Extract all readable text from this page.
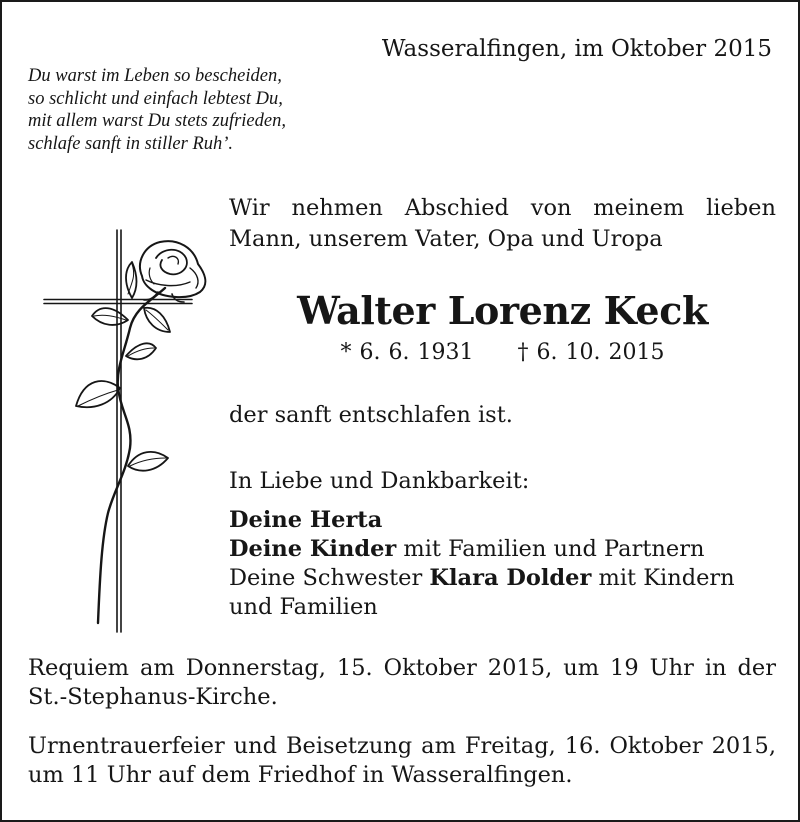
Wasseralfingen, im Oktober 2015
Du warst im Leben so bescheiden,
so schlicht und einfach lebtest Du,
mit allem warst Du stets zufrieden,
schlafe sanft in stiller Ruh’.
Wir nehmen Abschied von meinem lieben
Mann, unserem Vater, Opa und Uropa
Walter Lorenz Keck
* 6. 6. 1931 † 6. 10. 2015
der sanft entschlafen ist.
In Liebe und Dankbarkeit:
Deine Herta
Deine Kinder mit Familien und Partnern
Deine Schwester Klara Dolder mit Kindern
und Familien
Requiem am Donnerstag, 15. Oktober 2015, um 19 Uhr in der
St.-Stephanus-Kirche.
Urnentrauerfeier und Beisetzung am Freitag, 16. Oktober 2015,
um 11 Uhr auf dem Friedhof in Wasseralfingen.
